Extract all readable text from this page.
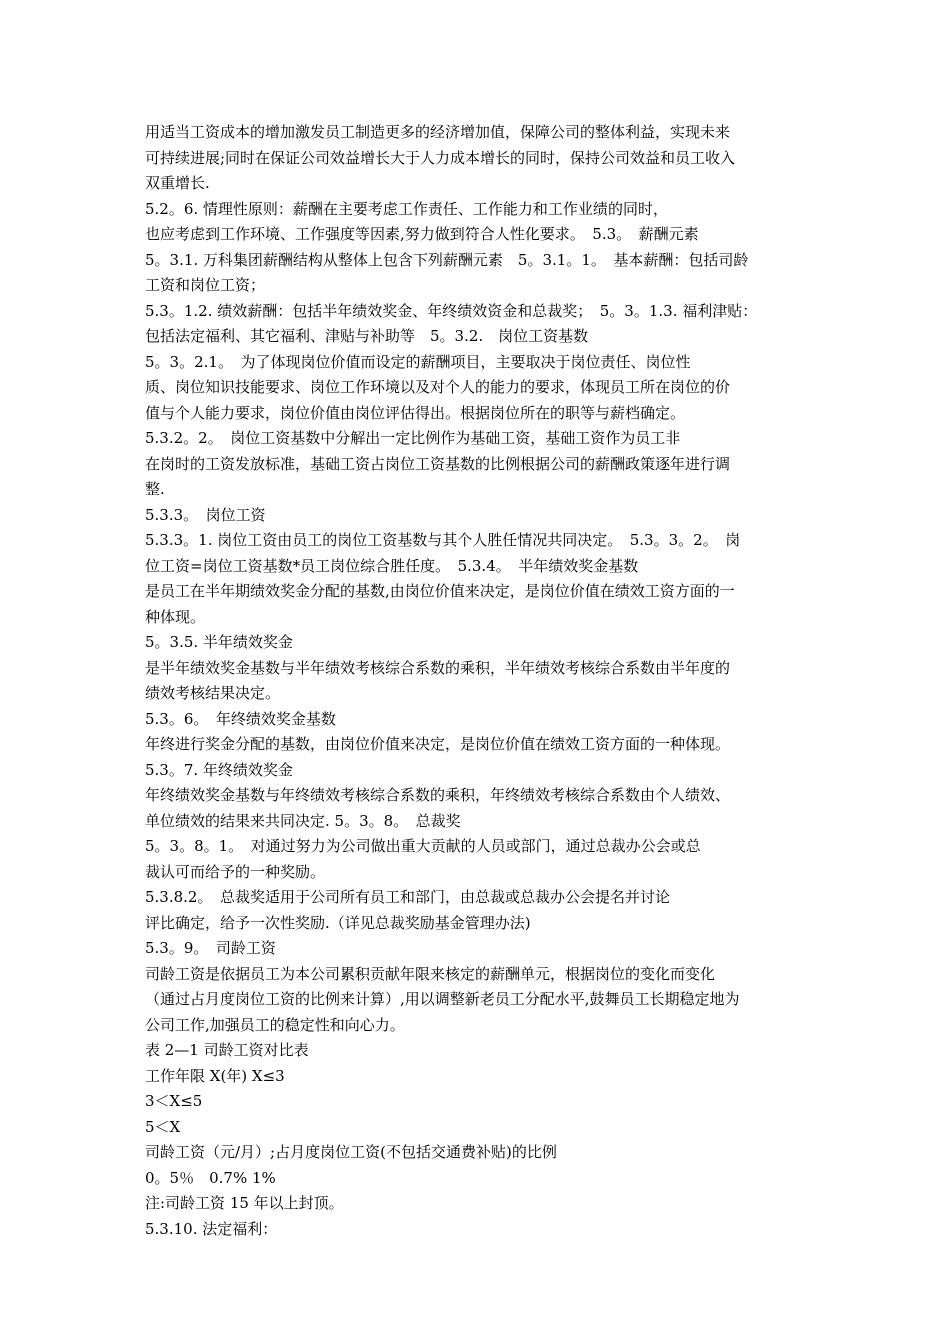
用适当工资成本的增加激发员工制造更多的经济增加值，保障公司的整体利益，实现未来
可持续进展;同时在保证公司效益增长大于人力成本增长的同时，保持公司效益和员工收入
双重增长.
5.2。6. 情理性原则：薪酬在主要考虑工作责任、工作能力和工作业绩的同时，
也应考虑到工作环境、工作强度等因素,努力做到符合人性化要求。　5.3。　薪酬元素
5。3.1. 万科集团薪酬结构从整体上包含下列薪酬元素　5。3.1。1。　基本薪酬：包括司龄
工资和岗位工资；
5.3。1.2. 绩效薪酬：包括半年绩效奖金、年终绩效资金和总裁奖；　5。3。1.3. 福利津贴：
包括法定福利、其它福利、津贴与补助等　5。3.2.　岗位工资基数
5。3。2.1。　为了体现岗位价值而设定的薪酬项目，主要取决于岗位责任、岗位性
质、岗位知识技能要求、岗位工作环境以及对个人的能力的要求，体现员工所在岗位的价
值与个人能力要求，岗位价值由岗位评估得出。根据岗位所在的职等与薪档确定。
5.3.2。2。　岗位工资基数中分解出一定比例作为基础工资，基础工资作为员工非
在岗时的工资发放标准，基础工资占岗位工资基数的比例根据公司的薪酬政策逐年进行调
整.
5.3.3。　岗位工资
5.3.3。1. 岗位工资由员工的岗位工资基数与其个人胜任情况共同决定。　5.3。3。2。　岗
位工资=岗位工资基数*员工岗位综合胜任度。　5.3.4。　半年绩效奖金基数
是员工在半年期绩效奖金分配的基数,由岗位价值来决定，是岗位价值在绩效工资方面的一
种体现。
5。3.5. 半年绩效奖金
是半年绩效奖金基数与半年绩效考核综合系数的乘积，半年绩效考核综合系数由半年度的
绩效考核结果决定。
5.3。6。　年终绩效奖金基数
年终进行奖金分配的基数，由岗位价值来决定，是岗位价值在绩效工资方面的一种体现。
5.3。7. 年终绩效奖金
年终绩效奖金基数与年终绩效考核综合系数的乘积，年终绩效考核综合系数由个人绩效、
单位绩效的结果来共同决定. 5。3。8。　总裁奖
5。3。8。1。　对通过努力为公司做出重大贡献的人员或部门，通过总裁办公会或总
裁认可而给予的一种奖励。
5.3.8.2。　总裁奖适用于公司所有员工和部门，由总裁或总裁办公会提名并讨论
评比确定，给予一次性奖励.（详见总裁奖励基金管理办法)
5.3。9。　司龄工资
司龄工资是依据员工为本公司累积贡献年限来核定的薪酬单元，根据岗位的变化而变化
（通过占月度岗位工资的比例来计算）,用以调整新老员工分配水平,鼓舞员工长期稳定地为
公司工作,加强员工的稳定性和向心力。
表 2—1 司龄工资对比表
工作年限 X(年) X≤3
3＜X≤5
5＜X
司龄工资（元/月）;占月度岗位工资(不包括交通费补贴)的比例
0。5％　0.7% 1%
注:司龄工资 15 年以上封顶。
5.3.10. 法定福利：
